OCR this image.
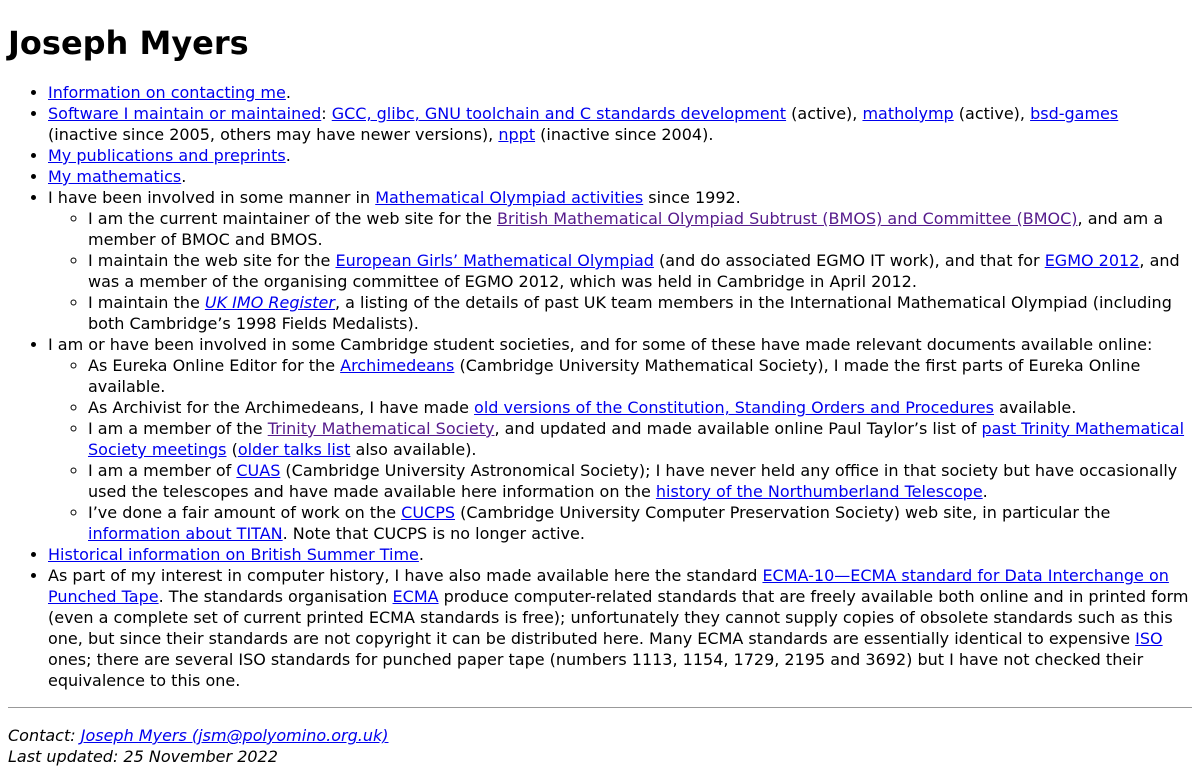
Joseph Myers
• Information on contacting me.
• Software I maintain or maintained: GCC, glibc, GNU toolchain and C standards development (active), matholymp (active), bsd-games (inactive since 2005, others may have newer versions), nppt (inactive since 2004).
• My publications and preprints.
• My mathematics.
• I have been involved in some manner in Mathematical Olympiad activities since 1992.
◦ I am the current maintainer of the web site for the British Mathematical Olympiad Subtrust (BMOS) and Committee (BMOC), and am a member of BMOC and BMOS.
◦ I maintain the web site for the European Girls’ Mathematical Olympiad (and do associated EGMO IT work), and that for EGMO 2012, and was a member of the organising committee of EGMO 2012, which was held in Cambridge in April 2012.
◦ I maintain the UK IMO Register, a listing of the details of past UK team members in the International Mathematical Olympiad (including both Cambridge’s 1998 Fields Medalists).
• I am or have been involved in some Cambridge student societies, and for some of these have made relevant documents available online:
◦ As Eureka Online Editor for the Archimedeans (Cambridge University Mathematical Society), I made the first parts of Eureka Online available.
◦ As Archivist for the Archimedeans, I have made old versions of the Constitution, Standing Orders and Procedures available.
◦ I am a member of the Trinity Mathematical Society, and updated and made available online Paul Taylor’s list of past Trinity Mathematical Society meetings (older talks list also available).
◦ I am a member of CUAS (Cambridge University Astronomical Society); I have never held any office in that society but have occasionally used the telescopes and have made available here information on the history of the Northumberland Telescope.
◦ I’ve done a fair amount of work on the CUCPS (Cambridge University Computer Preservation Society) web site, in particular the information about TITAN. Note that CUCPS is no longer active.
• Historical information on British Summer Time.
• As part of my interest in computer history, I have also made available here the standard ECMA-10—ECMA standard for Data Interchange on Punched Tape. The standards organisation ECMA produce computer-related standards that are freely available both online and in printed form (even a complete set of current printed ECMA standards is free); unfortunately they cannot supply copies of obsolete standards such as this one, but since their standards are not copyright it can be distributed here. Many ECMA standards are essentially identical to expensive ISO ones; there are several ISO standards for punched paper tape (numbers 1113, 1154, 1729, 2195 and 3692) but I have not checked their equivalence to this one.
Contact: Joseph Myers (jsm@polyomino.org.uk)
Last updated: 25 November 2022
